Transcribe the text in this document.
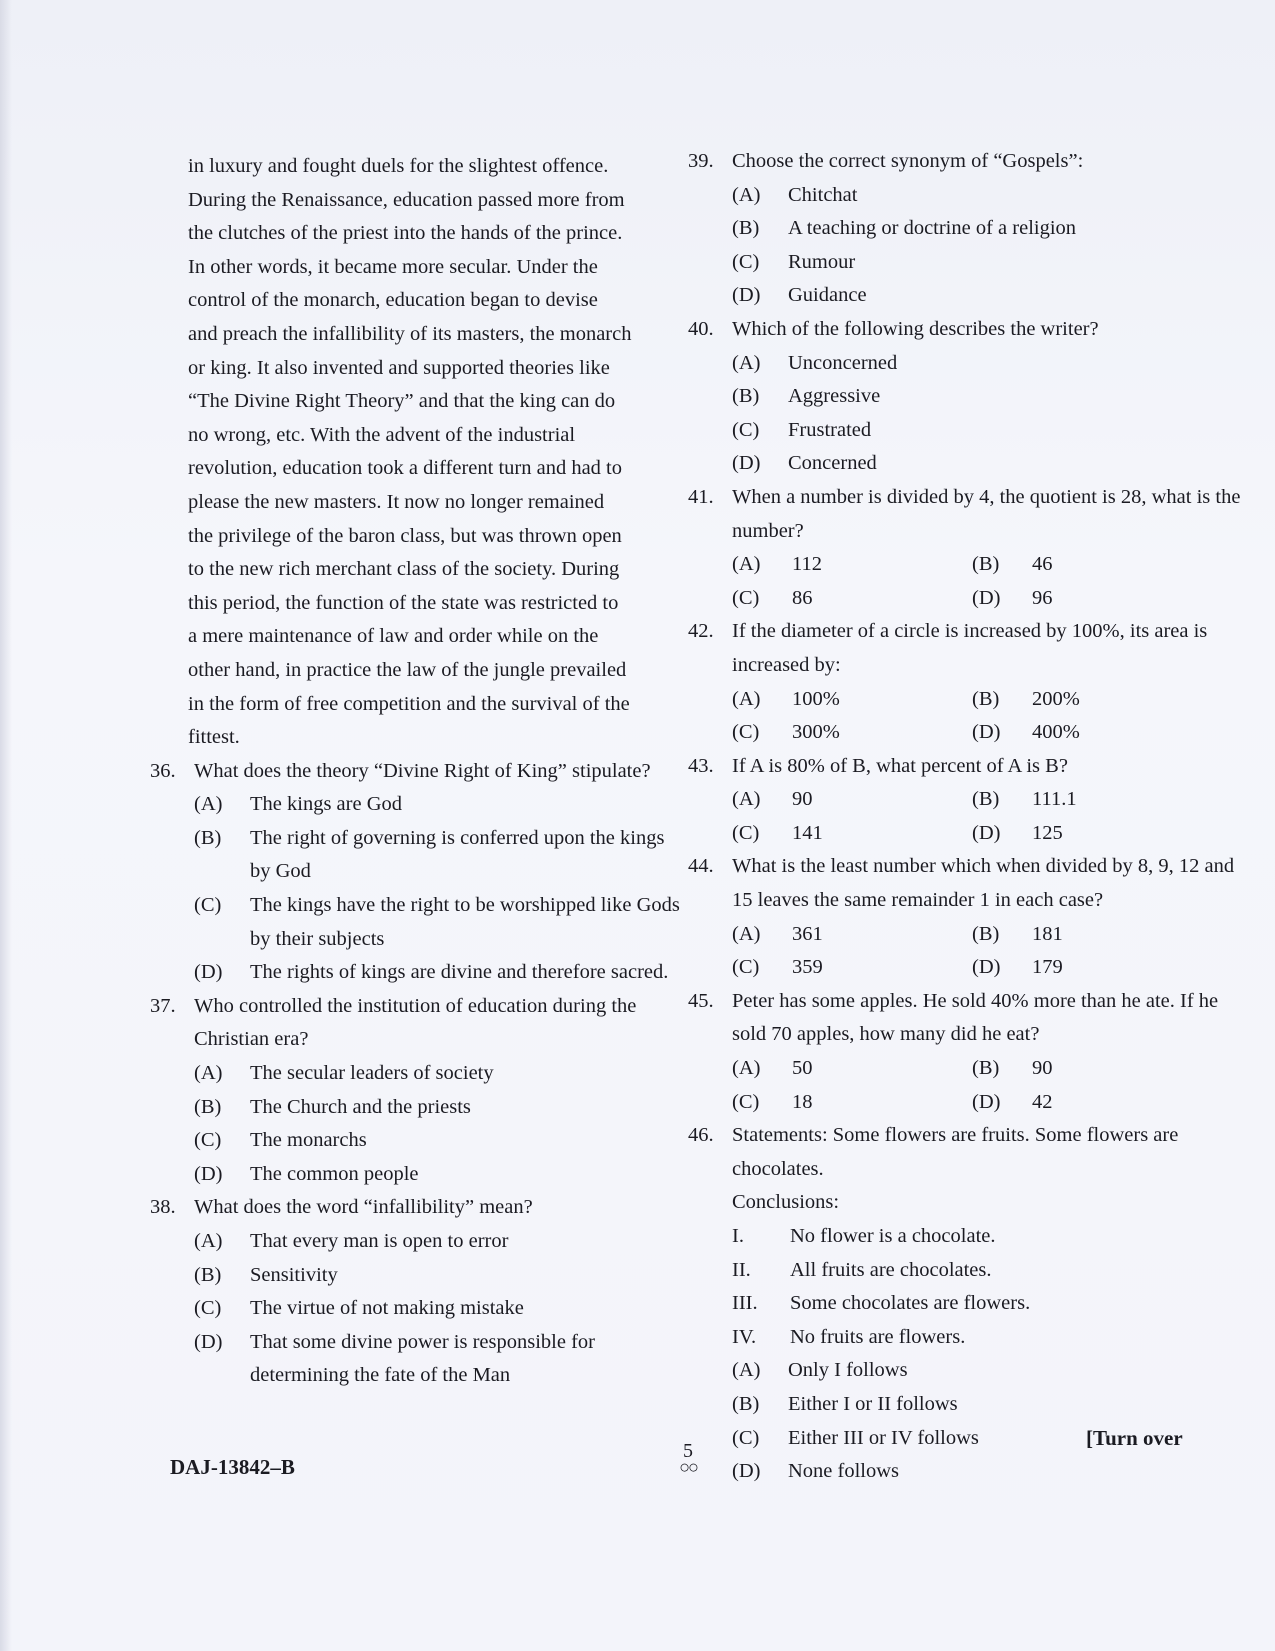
in luxury and fought duels for the slightest offence.

During the Renaissance, education passed more from

the clutches of the priest into the hands of the prince.

In other words, it became more secular. Under the

control of the monarch, education began to devise

and preach the infallibility of its masters, the monarch

or king. It also invented and supported theories like

“The Divine Right Theory” and that the king can do

no wrong, etc. With the advent of the industrial

revolution, education took a different turn and had to

please the new masters. It now no longer remained

the privilege of the baron class, but was thrown open

to the new rich merchant class of the society. During

this period, the function of the state was restricted to

a mere maintenance of law and order while on the

other hand, in practice the law of the jungle prevailed

in the form of free competition and the survival of the

fittest.

36. What does the theory “Divine Right of King” stipulate?
(A)	The kings are God
(B)	The right of governing is conferred upon the kings by God
(C)	The kings have the right to be worshipped like Gods by their subjects
(D)	The rights of kings are divine and therefore sacred.
37. Who controlled the institution of education during the Christian era?
(A)	The secular leaders of society
(B)	The Church and the priests
(C)	The monarchs
(D)	The common people
38. What does the word “infallibility” mean?
(A)	That every man is open to error
(B)	Sensitivity
(C)	The virtue of not making mistake
(D)	That some divine power is responsible for determining the fate of the Man
39. Choose the correct synonym of “Gospels”:
(A)	Chitchat
(B)	A teaching or doctrine of a religion
(C)	Rumour
(D)	Guidance
40. Which of the following describes the writer?
(A)	Unconcerned
(B)	Aggressive
(C)	Frustrated
(D)	Concerned
41. When a number is divided by 4, the quotient is 28, what is the number?
(A)	112	(B)	46
(C)	86	(D)	96
42. If the diameter of a circle is increased by 100%, its area is increased by:
(A)	100%	(B)	200%
(C)	300%	(D)	400%
43. If A is 80% of B, what percent of A is B?
(A)	90	(B)	111.1
(C)	141	(D)	125
44. What is the least number which when divided by 8, 9, 12 and 15 leaves the same remainder 1 in each case?
(A)	361	(B)	181
(C)	359	(D)	179
45. Peter has some apples. He sold 40% more than he ate. If he sold 70 apples, how many did he eat?
(A)	50	(B)	90
(C)	18	(D)	42
46. Statements: Some flowers are fruits. Some flowers are chocolates.
Conclusions:
I.	No flower is a chocolate.
II.	All fruits are chocolates.
III.	Some chocolates are flowers.
IV.	No fruits are flowers.
(A)	Only I follows
(B)	Either I or II follows
(C)	Either III or IV follows
(D)	None follows
DAJ-13842–B
5
○○
[Turn over
